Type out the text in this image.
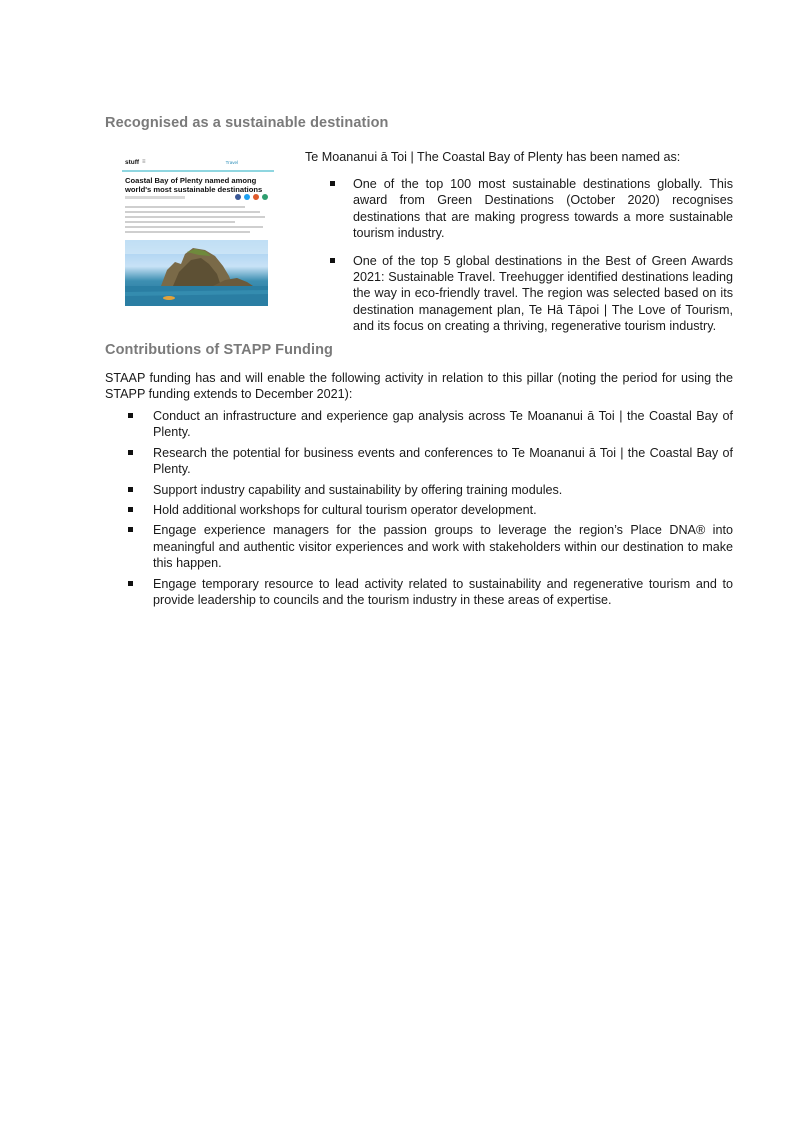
Recognised as a sustainable destination
stuff ≡	Travel
Coastal Bay of Plenty named among world's most sustainable destinations

Te Moananui ā Toi | The Coastal Bay of Plenty has been named as:

One of the top 100 most sustainable destinations globally. This award from Green Destinations (October 2020) recognises destinations that are making progress towards a more sustainable tourism industry.
One of the top 5 global destinations in the Best of Green Awards 2021: Sustainable Travel. Treehugger identified destinations leading the way in eco-friendly travel. The region was selected based on its destination management plan, Te Hā Tāpoi | The Love of Tourism, and its focus on creating a thriving, regenerative tourism industry.
Contributions of STAPP Funding

STAAP funding has and will enable the following activity in relation to this pillar (noting the period for using the STAPP funding extends to December 2021):

Conduct an infrastructure and experience gap analysis across Te Moananui ā Toi | the Coastal Bay of Plenty.
Research the potential for business events and conferences to Te Moananui ā Toi | the Coastal Bay of Plenty.
Support industry capability and sustainability by offering training modules.
Hold additional workshops for cultural tourism operator development.
Engage experience managers for the passion groups to leverage the region’s Place DNA® into meaningful and authentic visitor experiences and work with stakeholders within our destination to make this happen.
Engage temporary resource to lead activity related to sustainability and regenerative tourism and to provide leadership to councils and the tourism industry in these areas of expertise.
